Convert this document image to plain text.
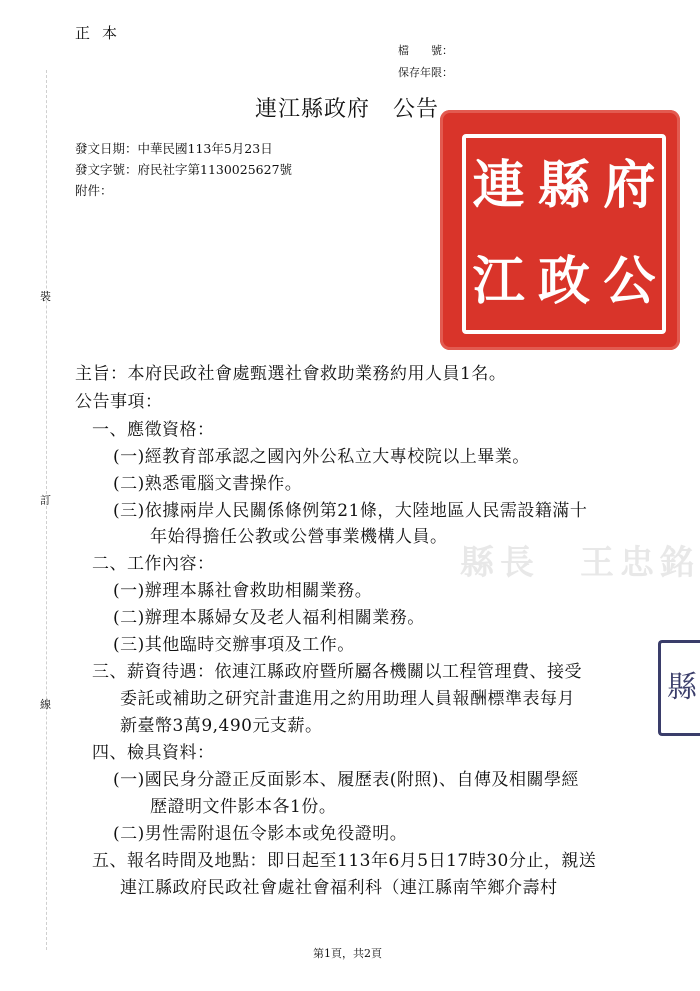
正本
檔　　號：
保存年限：
連江縣政府　公告
發文日期：中華民國113年5月23日
發文字號：府民社字第1130025627號
附件：
裝
訂
線
縣長　王忠銘
連 縣 府
江 政 公
縣
主旨：本府民政社會處甄選社會救助業務約用人員1名。
公告事項：
一、應徵資格：
(一)經教育部承認之國內外公私立大專校院以上畢業。
(二)熟悉電腦文書操作。
(三)依據兩岸人民關係條例第21條，大陸地區人民需設籍滿十
年始得擔任公教或公營事業機構人員。
二、工作內容：
(一)辦理本縣社會救助相關業務。
(二)辦理本縣婦女及老人福利相關業務。
(三)其他臨時交辦事項及工作。
三、薪資待遇：依連江縣政府暨所屬各機關以工程管理費、接受
委託或補助之研究計畫進用之約用助理人員報酬標準表每月
新臺幣3萬9,490元支薪。
四、檢具資料：
(一)國民身分證正反面影本、履歷表(附照)、自傳及相關學經
歷證明文件影本各1份。
(二)男性需附退伍令影本或免役證明。
五、報名時間及地點：即日起至113年6月5日17時30分止，親送
連江縣政府民政社會處社會福利科（連江縣南竿鄉介壽村
第1頁，共2頁
